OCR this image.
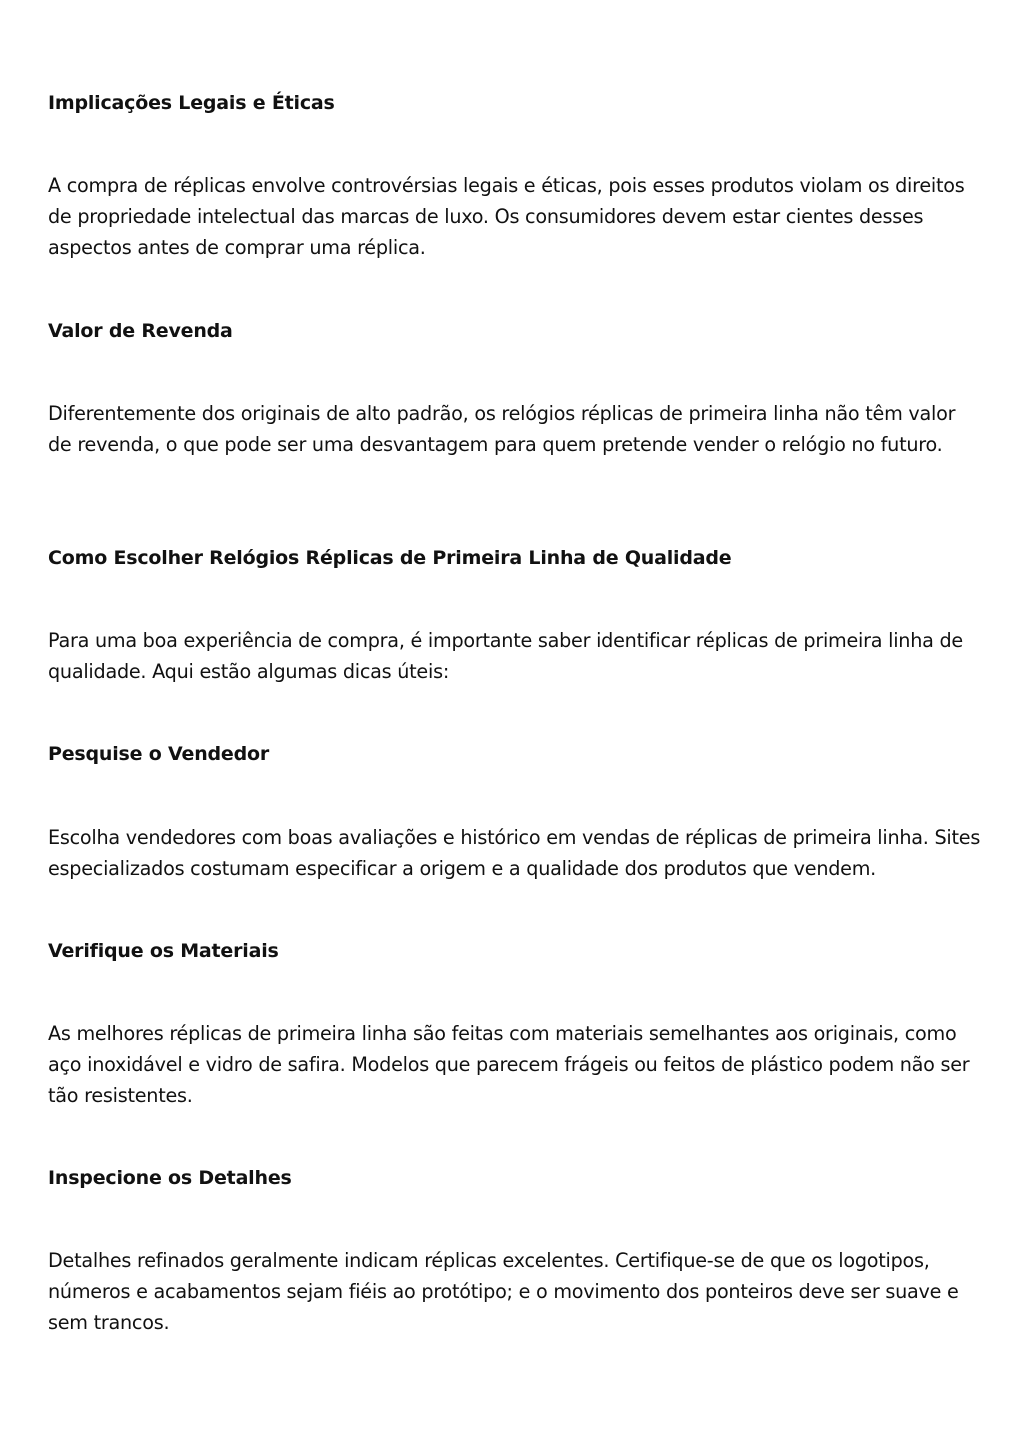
Implicações Legais e Éticas

A compra de réplicas envolve controvérsias legais e éticas, pois esses produtos violam os direitos de propriedade intelectual das marcas de luxo. Os consumidores devem estar cientes desses aspectos antes de comprar uma réplica.

Valor de Revenda

Diferentemente dos originais de alto padrão, os relógios réplicas de primeira linha não têm valor de revenda, o que pode ser uma desvantagem para quem pretende vender o relógio no futuro.

Como Escolher Relógios Réplicas de Primeira Linha de Qualidade

Para uma boa experiência de compra, é importante saber identificar réplicas de primeira linha de qualidade. Aqui estão algumas dicas úteis:

Pesquise o Vendedor

Escolha vendedores com boas avaliações e histórico em vendas de réplicas de primeira linha. Sites especializados costumam especificar a origem e a qualidade dos produtos que vendem.

Verifique os Materiais

As melhores réplicas de primeira linha são feitas com materiais semelhantes aos originais, como aço inoxidável e vidro de safira. Modelos que parecem frágeis ou feitos de plástico podem não ser tão resistentes.

Inspecione os Detalhes

Detalhes refinados geralmente indicam réplicas excelentes. Certifique-se de que os logotipos, números e acabamentos sejam fiéis ao protótipo; e o movimento dos ponteiros deve ser suave e sem trancos.
